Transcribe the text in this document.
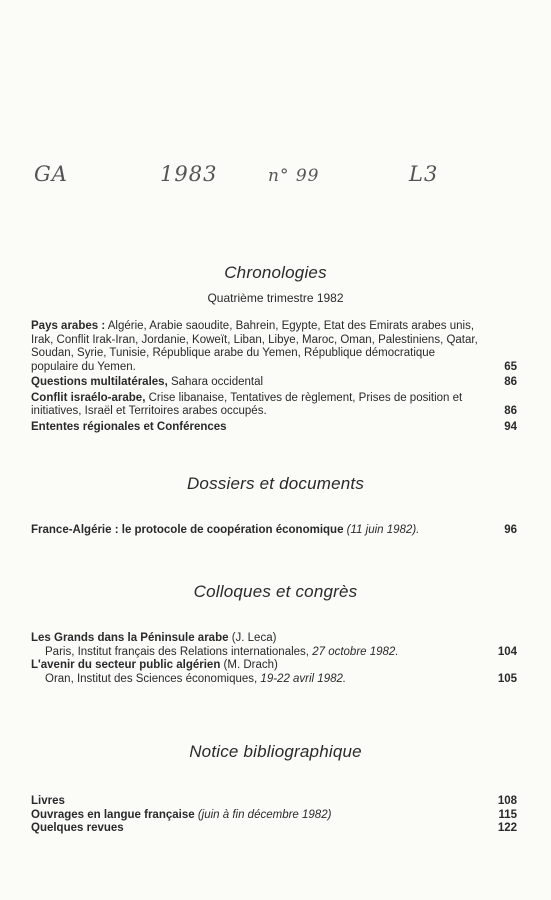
GA	1983	n° 99	L3
Chronologies
Quatrième trimestre 1982
Pays arabes : Algérie, Arabie saoudite, Bahrein, Egypte, Etat des Emirats arabes unis, Irak, Conflit Irak-Iran, Jordanie, Koweït, Liban, Libye, Maroc, Oman, Palestiniens, Qatar, Soudan, Syrie, Tunisie, République arabe du Yemen, République démocratique populaire du Yemen.	65
Questions multilatérales, Sahara occidental	86
Conflit israélo-arabe, Crise libanaise, Tentatives de règlement, Prises de position et initiatives, Israël et Territoires arabes occupés.	86
Ententes régionales et Conférences	94
Dossiers et documents
France-Algérie : le protocole de coopération économique (11 juin 1982).	96
Colloques et congrès
Les Grands dans la Péninsule arabe (J. Leca)
Paris, Institut français des Relations internationales, 27 octobre 1982.	104
L'avenir du secteur public algérien (M. Drach)
Oran, Institut des Sciences économiques, 19-22 avril 1982.	105
Notice bibliographique
Livres	108
Ouvrages en langue française (juin à fin décembre 1982)	115
Quelques revues	122
